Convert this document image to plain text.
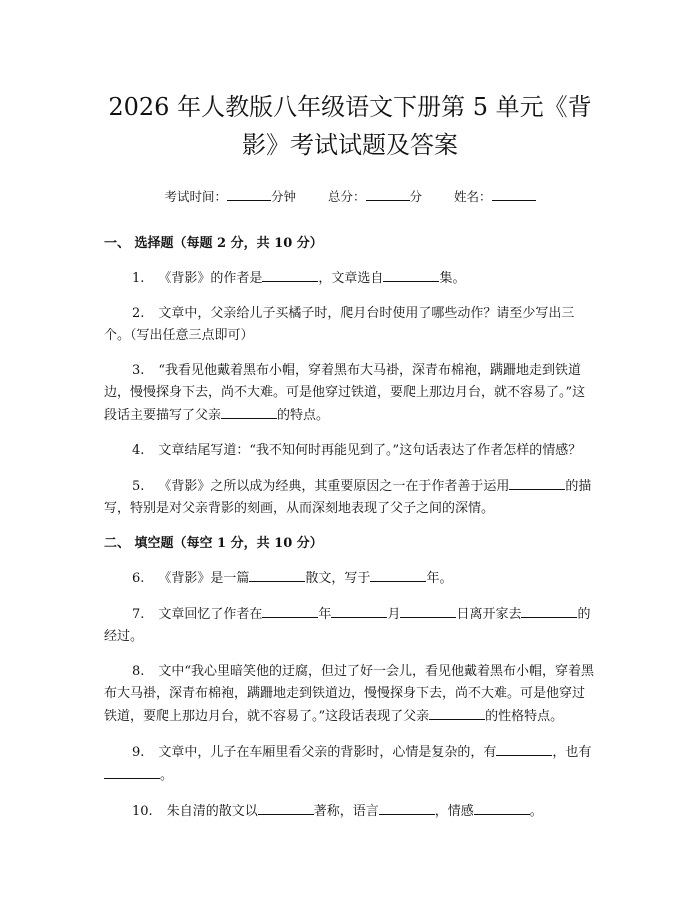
2026 年人教版八年级语文下册第 5 单元《背
影》考试试题及答案
考试时间：	分钟	总分：	分	姓名：
一、 选择题（每题 2 分，共 10 分）
1. 《背影》的作者是	，文章选自	集。
2. 文章中，父亲给儿子买橘子时，爬月台时使用了哪些动作？请至少写出三个。（写出任意三点即可）
3. “我看见他戴着黑布小帽，穿着黑布大马褂，深青布棉袍，蹒跚地走到铁道边，慢慢探身下去，尚不大难。可是他穿过铁道，要爬上那边月台，就不容易了。”这段话主要描写了父亲	的特点。
4. 文章结尾写道：“我不知何时再能见到了。”这句话表达了作者怎样的情感？
5. 《背影》之所以成为经典，其重要原因之一在于作者善于运用	的描写，特别是对父亲背影的刻画，从而深刻地表现了父子之间的深情。
二、 填空题（每空 1 分，共 10 分）
6. 《背影》是一篇	散文，写于	年。
7. 文章回忆了作者在	年	月	日离开家去	的经过。
8. 文中“我心里暗笑他的迂腐，但过了好一会儿，看见他戴着黑布小帽，穿着黑布大马褂，深青布棉袍，蹒跚地走到铁道边，慢慢探身下去，尚不大难。可是他穿过铁道，要爬上那边月台，就不容易了。”这段话表现了父亲	的性格特点。
9. 文章中，儿子在车厢里看父亲的背影时，心情是复杂的，有	，也有。
10. 朱自清的散文以	著称，语言	，情感	。
